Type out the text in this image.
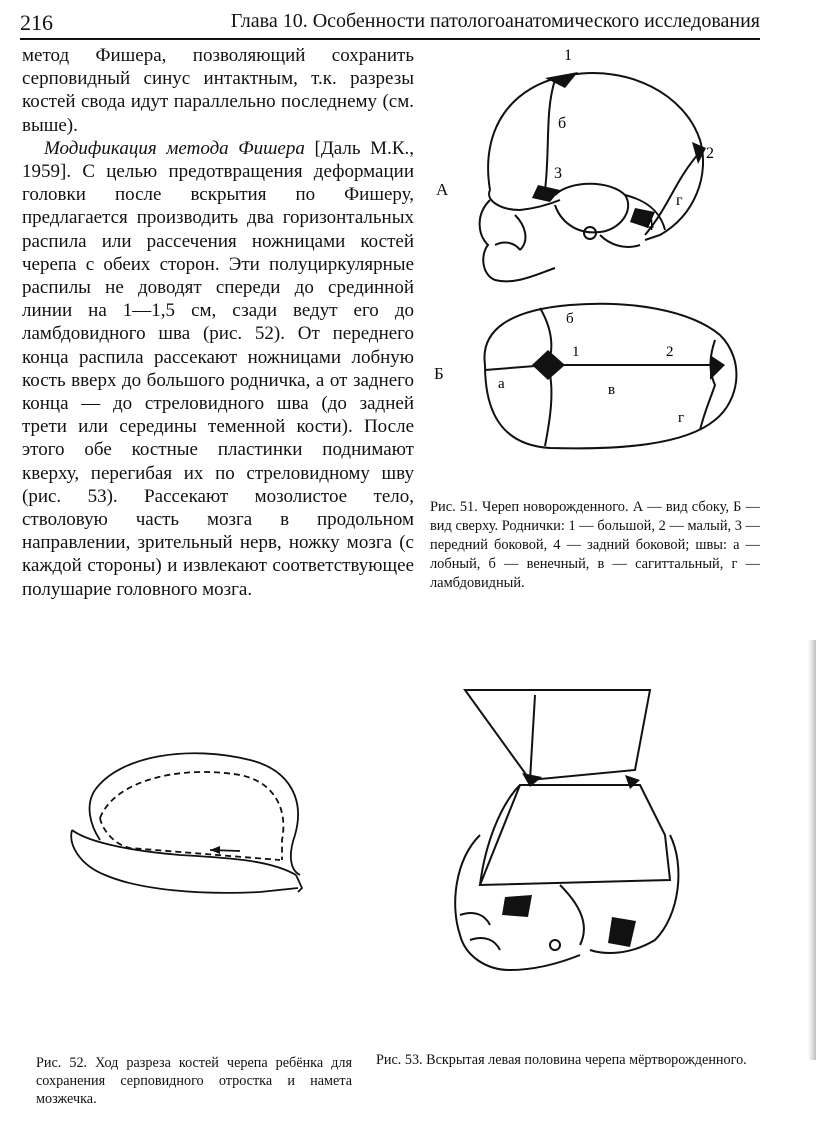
216	Глава 10. Особенности патологоанатомического исследования

метод Фишера, позволяющий сохранить серповидный синус интактным, т.к. разрезы костей свода идут параллельно последнему (см. выше).

Модификация метода Фишера [Даль М.К., 1959]. С целью предотвращения деформации головки после вскрытия по Фишеру, предлагается производить два горизонтальных распила или рассечения ножницами костей черепа с обеих сторон. Эти полуциркулярные распилы не доводят спереди до срединной линии на 1—1,5 см, сзади ведут его до ламбдовидного шва (рис. 52). От переднего конца распила рассекают ножницами лобную кость вверх до большого родничка, а от заднего конца — до стреловидного шва (до задней трети или середины теменной кости). После этого обе костные пластинки поднимают кверху, перегибая их по стреловидному шву (рис. 53). Рассекают мозолистое тело, стволовую часть мозга в продольном направлении, зрительный нерв, ножку мозга (с каждой стороны) и извлекают соответствующее полушарие головного мозга.

А
Б
1
2
3
4
б
г
б
1	2
а	в
г
Рис. 51. Череп новорожденного. А — вид сбоку, Б — вид сверху. Роднички: 1 — большой, 2 — малый, 3 — передний боковой, 4 — задний боковой; швы: а — лобный, б — венечный, в — сагиттальный, г — ламбдовидный.
Рис. 52. Ход разреза костей черепа ребёнка для сохранения серповидного отростка и намета мозжечка.
Рис. 53. Вскрытая левая половина черепа мёртворожденного.
